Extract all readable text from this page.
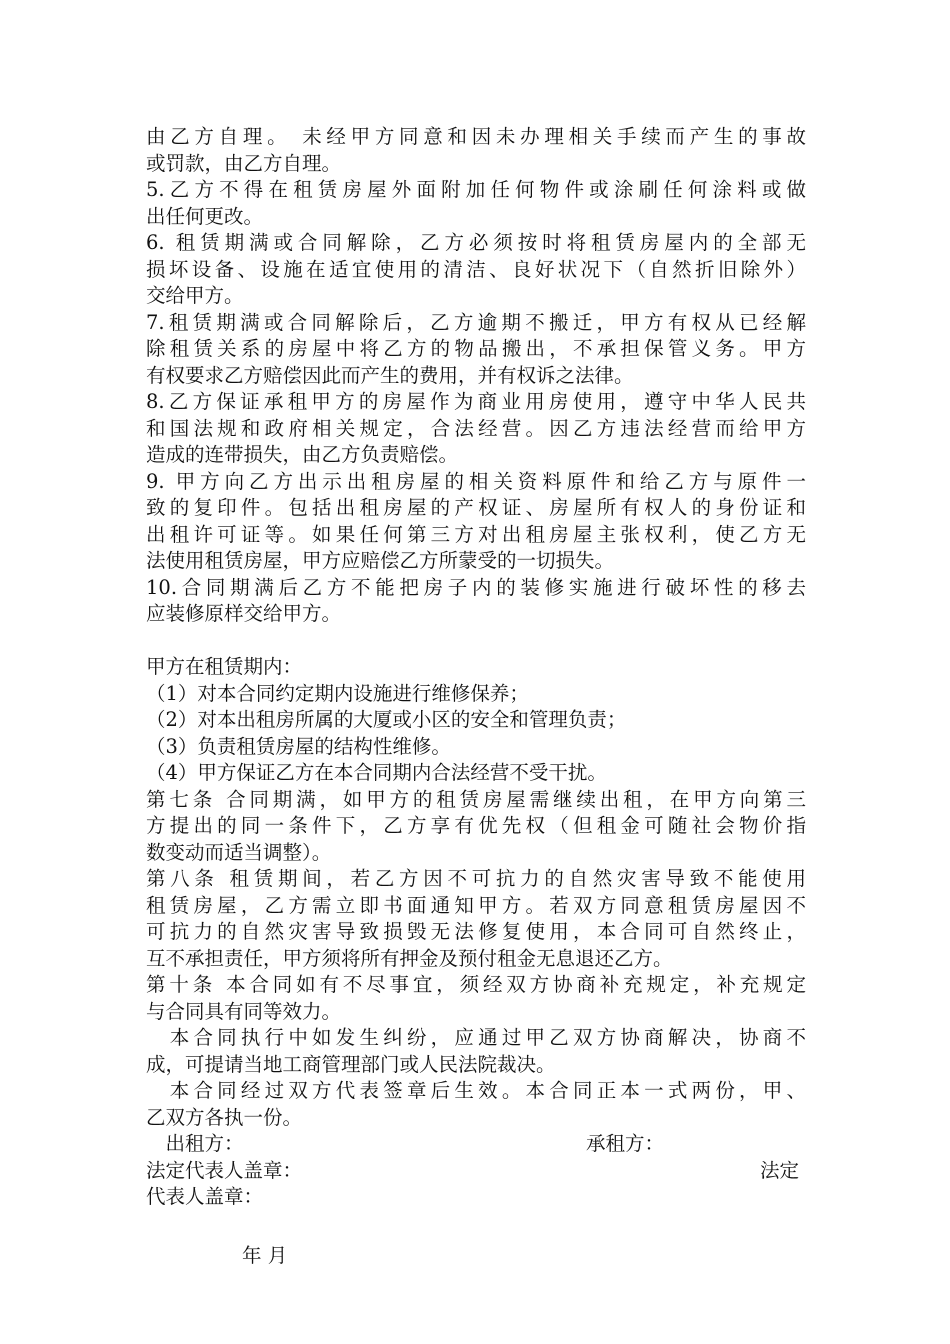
由乙方自理。 未经甲方同意和因未办理相关手续而产生的事故
或罚款，由乙方自理。
5.乙方不得在租赁房屋外面附加任何物件或涂刷任何涂料或做
出任何更改。
6. 租赁期满或合同解除，乙方必须按时将租赁房屋内的全部无
损坏设备、设施在适宜使用的清洁、良好状况下（自然折旧除外）
交给甲方。
7.租赁期满或合同解除后，乙方逾期不搬迁，甲方有权从已经解
除租赁关系的房屋中将乙方的物品搬出，不承担保管义务。甲方
有权要求乙方赔偿因此而产生的费用，并有权诉之法律。
8.乙方保证承租甲方的房屋作为商业用房使用，遵守中华人民共
和国法规和政府相关规定，合法经营。因乙方违法经营而给甲方
造成的连带损失，由乙方负责赔偿。
9. 甲方向乙方出示出租房屋的相关资料原件和给乙方与原件一
致的复印件。包括出租房屋的产权证、房屋所有权人的身份证和
出租许可证等。如果任何第三方对出租房屋主张权利，使乙方无
法使用租赁房屋，甲方应赔偿乙方所蒙受的一切损失。
10.合同期满后乙方不能把房子内的装修实施进行破坏性的移去
应装修原样交给甲方。
甲方在租赁期内：
（1）对本合同约定期内设施进行维修保养；
（2）对本出租房所属的大厦或小区的安全和管理负责；
（3）负责租赁房屋的结构性维修。
（4）甲方保证乙方在本合同期内合法经营不受干扰。
第七条 合同期满，如甲方的租赁房屋需继续出租，在甲方向第三
方提出的同一条件下，乙方享有优先权（但租金可随社会物价指
数变动而适当调整）。
第八条 租赁期间，若乙方因不可抗力的自然灾害导致不能使用
租赁房屋，乙方需立即书面通知甲方。若双方同意租赁房屋因不
可抗力的自然灾害导致损毁无法修复使用，本合同可自然终止，
互不承担责任，甲方须将所有押金及预付租金无息退还乙方。
第十条 本合同如有不尽事宜，须经双方协商补充规定，补充规定
与合同具有同等效力。
　本合同执行中如发生纠纷，应通过甲乙双方协商解决，协商不
成，可提请当地工商管理部门或人民法院裁决。
　本合同经过双方代表签章后生效。本合同正本一式两份，甲、
乙双方各执一份。
　出租方：	承租方：
法定代表人盖章：	法定
代表人盖章：
年 月
